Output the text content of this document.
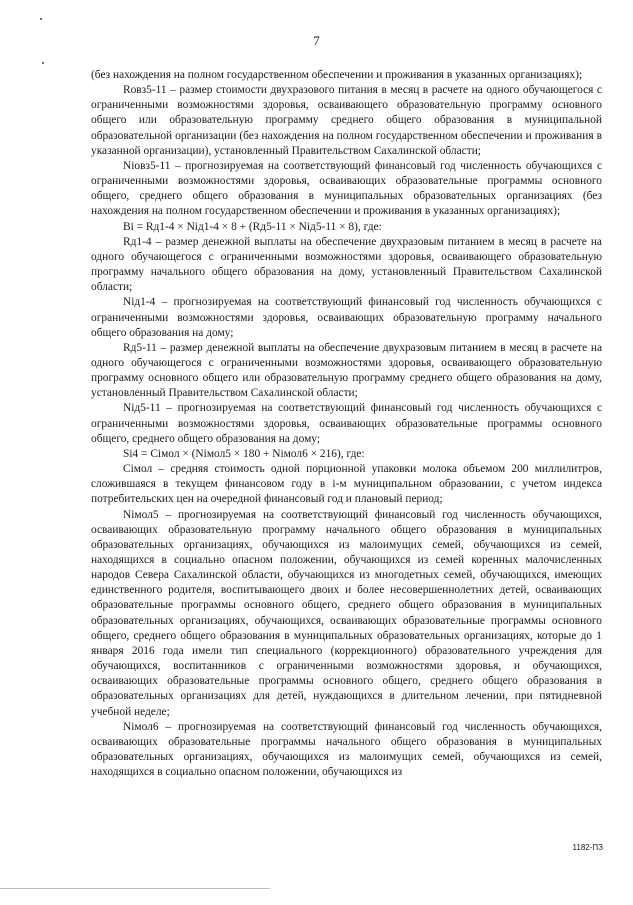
7

(без нахождения на полном государственном обеспечении и проживания в указанных организациях);

Rовз5-11 – размер стоимости двухразового питания в месяц в расчете на одного обучающегося с ограниченными возможностями здоровья, осваивающего образовательную программу основного общего или образовательную программу среднего общего образования в муниципальной образовательной организации (без нахождения на полном государственном обеспечении и проживания в указанной организации), установленный Правительством Сахалинской области;

Niовз5-11 – прогнозируемая на соответствующий финансовый год численность обучающихся с ограниченными возможностями здоровья, осваивающих образовательные программы основного общего, среднего общего образования в муниципальных образовательных организациях (без нахождения на полном государственном обеспечении и проживания в указанных организациях);

Bi = Rд1-4 × Niд1-4 × 8 + (Rд5-11 × Niд5-11 × 8), где:

Rд1-4 – размер денежной выплаты на обеспечение двухразовым питанием в месяц в расчете на одного обучающегося с ограниченными возможностями здоровья, осваивающего образовательную программу начального общего образования на дому, установленный Правительством Сахалинской области;

Niд1-4 – прогнозируемая на соответствующий финансовый год численность обучающихся с ограниченными возможностями здоровья, осваивающих образовательную программу начального общего образования на дому;

Rд5-11 – размер денежной выплаты на обеспечение двухразовым питанием в месяц в расчете на одного обучающегося с ограниченными возможностями здоровья, осваивающего образовательную программу основного общего или образовательную программу среднего общего образования на дому, установленный Правительством Сахалинской области;

Niд5-11 – прогнозируемая на соответствующий финансовый год численность обучающихся с ограниченными возможностями здоровья, осваивающих образовательные программы основного общего, среднего общего образования на дому;

Si4 = Ciмол × (Niмол5 × 180 + Niмол6 × 216), где:

Ciмол – средняя стоимость одной порционной упаковки молока объемом 200 миллилитров, сложившаяся в текущем финансовом году в i-м муниципальном образовании, с учетом индекса потребительских цен на очередной финансовый год и плановый период;

Niмол5 – прогнозируемая на соответствующий финансовый год численность обучающихся, осваивающих образовательную программу начального общего образования в муниципальных образовательных организациях, обучающихся из малоимущих семей, обучающихся из семей, находящихся в социально опасном положении, обучающихся из семей коренных малочисленных народов Севера Сахалинской области, обучающихся из многодетных семей, обучающихся, имеющих единственного родителя, воспитывающего двоих и более несовершеннолетних детей, осваивающих образовательные программы основного общего, среднего общего образования в муниципальных образовательных организациях, обучающихся, осваивающих образовательные программы основного общего, среднего общего образования в муниципальных образовательных организациях, которые до 1 января 2016 года имели тип специального (коррекционного) образовательного учреждения для обучающихся, воспитанников с ограниченными возможностями здоровья, и обучающихся, осваивающих образовательные программы основного общего, среднего общего образования в образовательных организациях для детей, нуждающихся в длительном лечении, при пятидневной учебной неделе;

Niмол6 – прогнозируемая на соответствующий финансовый год численность обучающихся, осваивающих образовательные программы начального общего образования в муниципальных образовательных организациях, обучающихся из малоимущих семей, обучающихся из семей, находящихся в социально опасном положении, обучающихся из

1182-ПЗ
